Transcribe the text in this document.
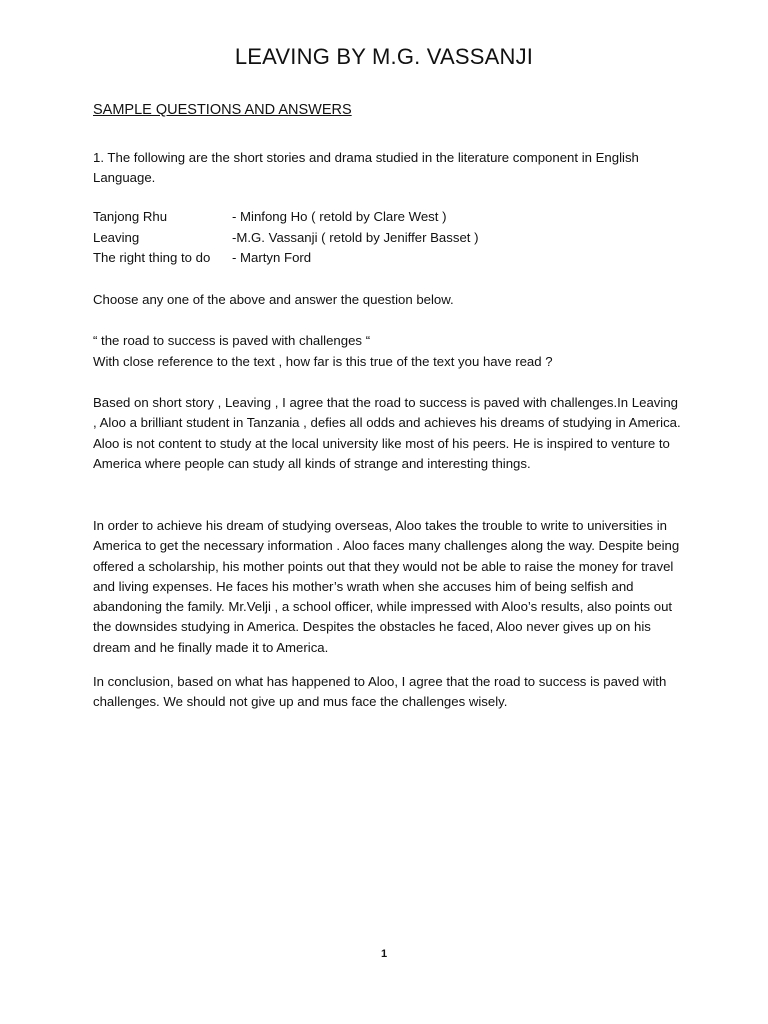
LEAVING BY M.G. VASSANJI

SAMPLE QUESTIONS AND ANSWERS

1. The following are the short stories and drama studied in the literature component in English Language.

Tanjong Rhu	- Minfong Ho ( retold by Clare West )
Leaving	-M.G. Vassanji ( retold by Jeniffer Basset )
The right thing to do	- Martyn Ford

Choose any one of the above and answer the question below.

“ the road to success is paved with challenges “

With close reference to the text , how far is this true of the text you have read ?

Based on short story , Leaving , I agree that the road to success is paved with challenges.In Leaving , Aloo a brilliant student in Tanzania , defies all odds and achieves his dreams of studying in America. Aloo is not content to study at the local university like most of his peers. He is inspired to venture to America where people can study all kinds of strange and interesting things.

In order to achieve his dream of studying overseas, Aloo takes the trouble to write to universities in America to get the necessary information . Aloo faces many challenges along the way. Despite being offered a scholarship, his mother points out that they would not be able to raise the money for travel and living expenses. He faces his mother’s wrath when she accuses him of being selfish and abandoning the family. Mr.Velji , a school officer, while impressed with Aloo’s results, also points out the downsides studying in America. Despites the obstacles he faced, Aloo never gives up on his dream and he finally made it to America.

In conclusion, based on what has happened to Aloo, I agree that the road to success is paved with challenges. We should not give up and mus face the challenges wisely.

1
